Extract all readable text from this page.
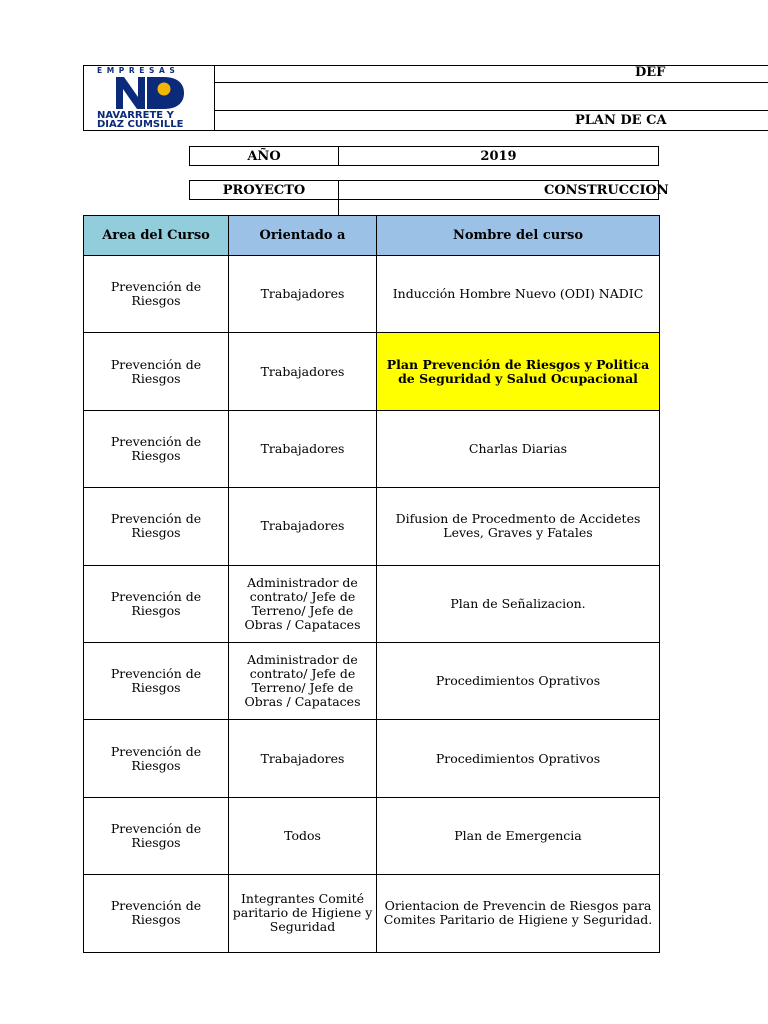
EMPRESAS
NAVARRETE Y
DIAZ CUMSILLE
DEF
PLAN DE CA
AÑO	2019
PROYECTO	CONSTRUCCION
Area del Curso	Orientado a	Nombre del curso
Prevención de Riesgos	Trabajadores	Inducción Hombre Nuevo (ODI) NADIC
Prevención de Riesgos	Trabajadores	Plan Prevención de Riesgos y Politica de Seguridad y Salud Ocupacional
Prevención de Riesgos	Trabajadores	Charlas Diarias
Prevención de Riesgos	Trabajadores	Difusion de Procedmento de Accidetes Leves, Graves y Fatales
Prevención de Riesgos	Administrador de contrato/ Jefe de Terreno/ Jefe de Obras / Capataces	Plan de Señalizacion.
Prevención de Riesgos	Administrador de contrato/ Jefe de Terreno/ Jefe de Obras / Capataces	Procedimientos Oprativos
Prevención de Riesgos	Trabajadores	Procedimientos Oprativos
Prevención de Riesgos	Todos	Plan de Emergencia
Prevención de Riesgos	Integrantes Comité paritario de Higiene y Seguridad	Orientacion de Prevencin de Riesgos para Comites Paritario de Higiene y Seguridad.
